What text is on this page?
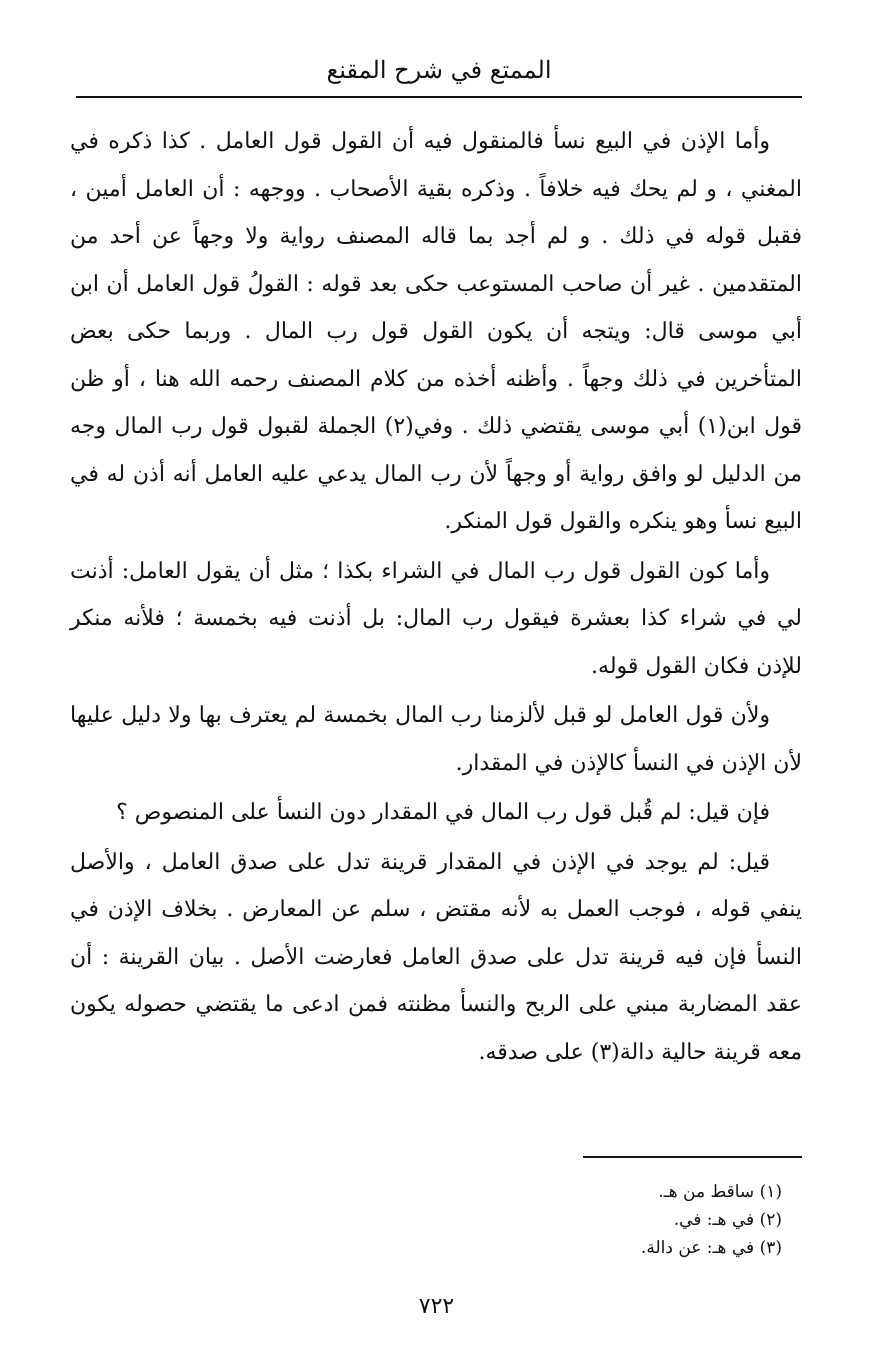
الممتع في شرح المقنع

وأما الإذن في البيع نسأ فالمنقول فيه أن القول قول العامل . كذا ذكره في المغني ، و لم يحك فيه خلافاً . وذكره بقية الأصحاب . ووجهه : أن العامل أمين ، فقبل قوله في ذلك . و لم أجد بما قاله المصنف رواية ولا وجهاً عن أحد من المتقدمين . غير أن صاحب المستوعب حكى بعد قوله : القولُ قول العامل أن ابن أبي موسى قال: ويتجه أن يكون القول قول رب المال . وربما حكى بعض المتأخرين في ذلك وجهاً . وأظنه أخذه من كلام المصنف رحمه الله هنا ، أو ظن قول ابن(١) أبي موسى يقتضي ذلك . وفي(٢) الجملة لقبول قول رب المال وجه من الدليل لو وافق رواية أو وجهاً لأن رب المال يدعي عليه العامل أنه أذن له في البيع نسأ وهو ينكره والقول قول المنكر.

وأما كون القول قول رب المال في الشراء بكذا ؛ مثل أن يقول العامل: أذنت لي في شراء كذا بعشرة فيقول رب المال: بل أذنت فيه بخمسة ؛ فلأنه منكر للإذن فكان القول قوله.

ولأن قول العامل لو قبل لألزمنا رب المال بخمسة لم يعترف بها ولا دليل عليها لأن الإذن في النسأ كالإذن في المقدار.

فإن قيل: لم قُبل قول رب المال في المقدار دون النسأ على المنصوص ؟

قيل: لم يوجد في الإذن في المقدار قرينة تدل على صدق العامل ، والأصل ينفي قوله ، فوجب العمل به لأنه مقتض ، سلم عن المعارض . بخلاف الإذن في النسأ فإن فيه قرينة تدل على صدق العامل فعارضت الأصل . بيان القرينة : أن عقد المضاربة مبني على الربح والنسأ مظنته فمن ادعى ما يقتضي حصوله يكون معه قرينة حالية دالة(٣) على صدقه.

(١) ساقط من هـ.

(٢) في هـ: في.

(٣) في هـ: عن دالة.

٧٢٢
